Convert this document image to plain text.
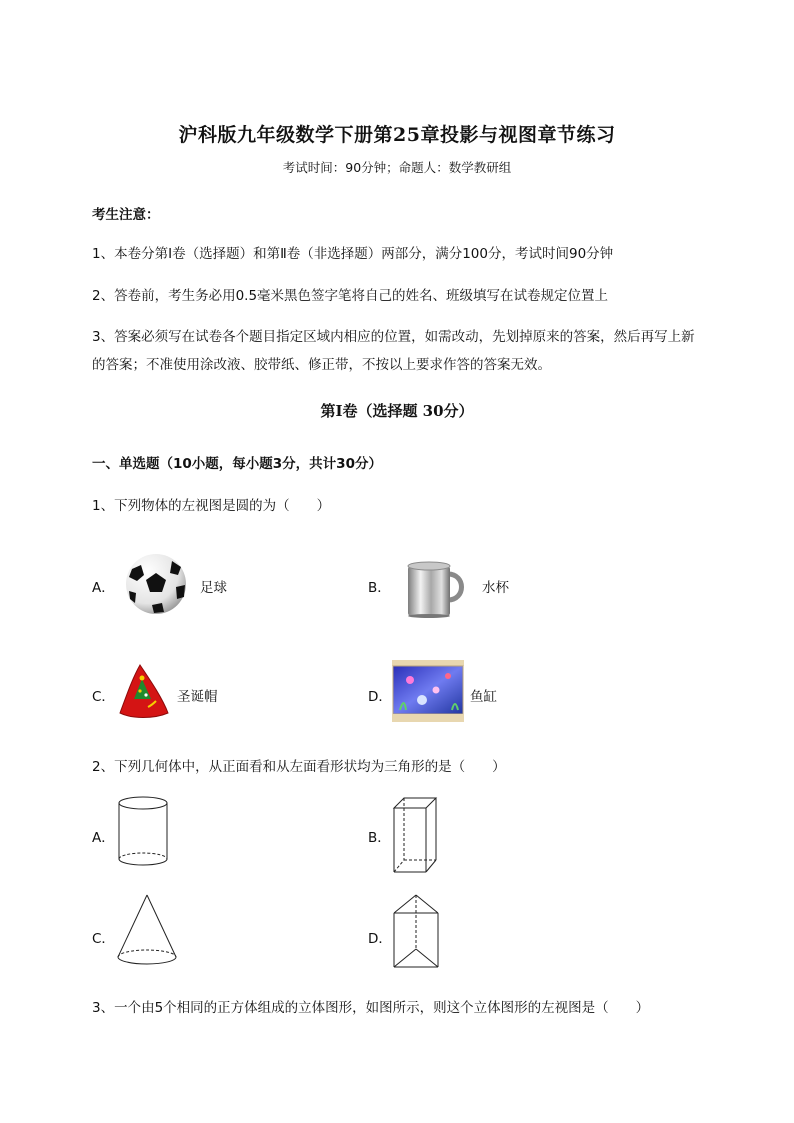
沪科版九年级数学下册第25章投影与视图章节练习
考试时间：90分钟；命题人：数学教研组
考生注意：
1、本卷分第I卷（选择题）和第Ⅱ卷（非选择题）两部分，满分100分，考试时间90分钟
2、答卷前，考生务必用0.5毫米黑色签字笔将自己的姓名、班级填写在试卷规定位置上
3、答案必须写在试卷各个题目指定区域内相应的位置，如需改动，先划掉原来的答案，然后再写上新
的答案；不准使用涂改液、胶带纸、修正带，不按以上要求作答的答案无效。
第I卷（选择题 30分）
一、单选题（10小题，每小题3分，共计30分）
1、下列物体的左视图是圆的为（　　）
A．	足球	B．	水杯
C．	圣诞帽	D．	鱼缸
2、下列几何体中，从正面看和从左面看形状均为三角形的是（　　）
A．	B．
C．	D．
3、一个由5个相同的正方体组成的立体图形，如图所示，则这个立体图形的左视图是（　　）
